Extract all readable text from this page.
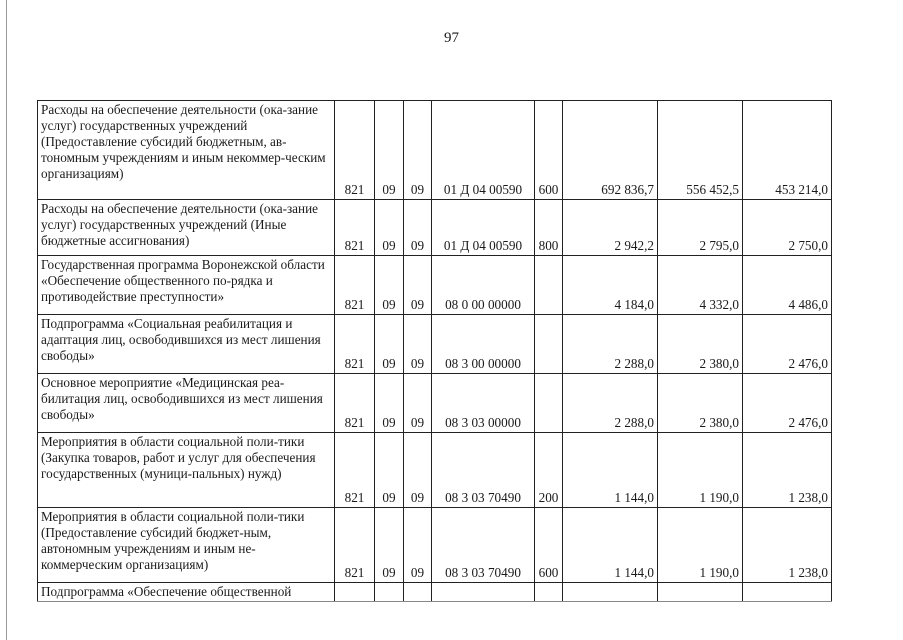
97
Расходы на обеспечение деятельности (ока-зание услуг) государственных учреждений (Предоставление субсидий бюджетным, ав-тономным учреждениям и иным некоммер-ческим организациям)	821	09	09	01 Д 04 00590	600	692 836,7	556 452,5	453 214,0
Расходы на обеспечение деятельности (ока-зание услуг) государственных учреждений (Иные бюджетные ассигнования)	821	09	09	01 Д 04 00590	800	2 942,2	2 795,0	2 750,0
Государственная программа Воронежской области «Обеспечение общественного по-рядка и противодействие преступности»	821	09	09	08 0 00 00000		4 184,0	4 332,0	4 486,0
Подпрограмма «Социальная реабилитация и адаптация лиц, освободившихся из мест лишения свободы»	821	09	09	08 3 00 00000		2 288,0	2 380,0	2 476,0
Основное мероприятие «Медицинская реа-билитация лиц, освободившихся из мест лишения свободы»	821	09	09	08 3 03 00000		2 288,0	2 380,0	2 476,0
Мероприятия в области социальной поли-тики (Закупка товаров, работ и услуг для обеспечения государственных (муници-пальных) нужд)	821	09	09	08 3 03 70490	200	1 144,0	1 190,0	1 238,0
Мероприятия в области социальной поли-тики (Предоставление субсидий бюджет-ным, автономным учреждениям и иным не-коммерческим организациям)	821	09	09	08 3 03 70490	600	1 144,0	1 190,0	1 238,0
Подпрограмма «Обеспечение общественной								
